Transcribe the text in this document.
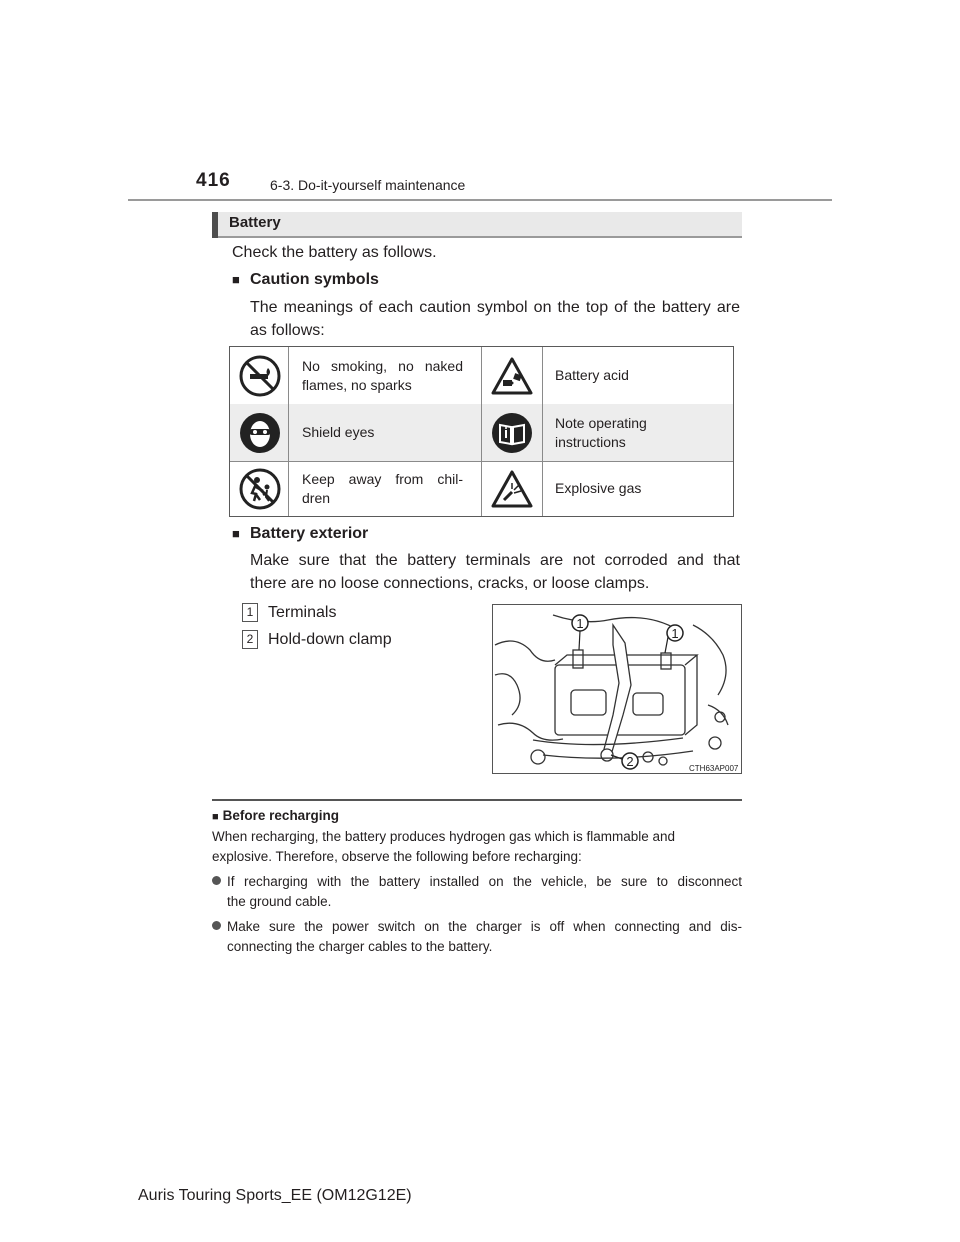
416	6-3. Do-it-yourself maintenance
Battery
Check the battery as follows.
■ Caution symbols
The meanings of each caution symbol on the top of the battery are
as follows:
No smoking, no naked
flames, no sparks
Battery acid
Shield eyes
Note operating
instructions
Keep away from chil-
dren
Explosive gas
■ Battery exterior
Make sure that the battery terminals are not corroded and that
there are no loose connections, cracks, or loose clamps.
1 Terminals
2 Hold-down clamp
1
1
2	CTH63AP007
■ Before recharging
When recharging, the battery produces hydrogen gas which is flammable and
explosive. Therefore, observe the following before recharging:
If recharging with the battery installed on the vehicle, be sure to disconnect
the ground cable.
Make sure the power switch on the charger is off when connecting and dis-
connecting the charger cables to the battery.
Auris Touring Sports_EE (OM12G12E)
